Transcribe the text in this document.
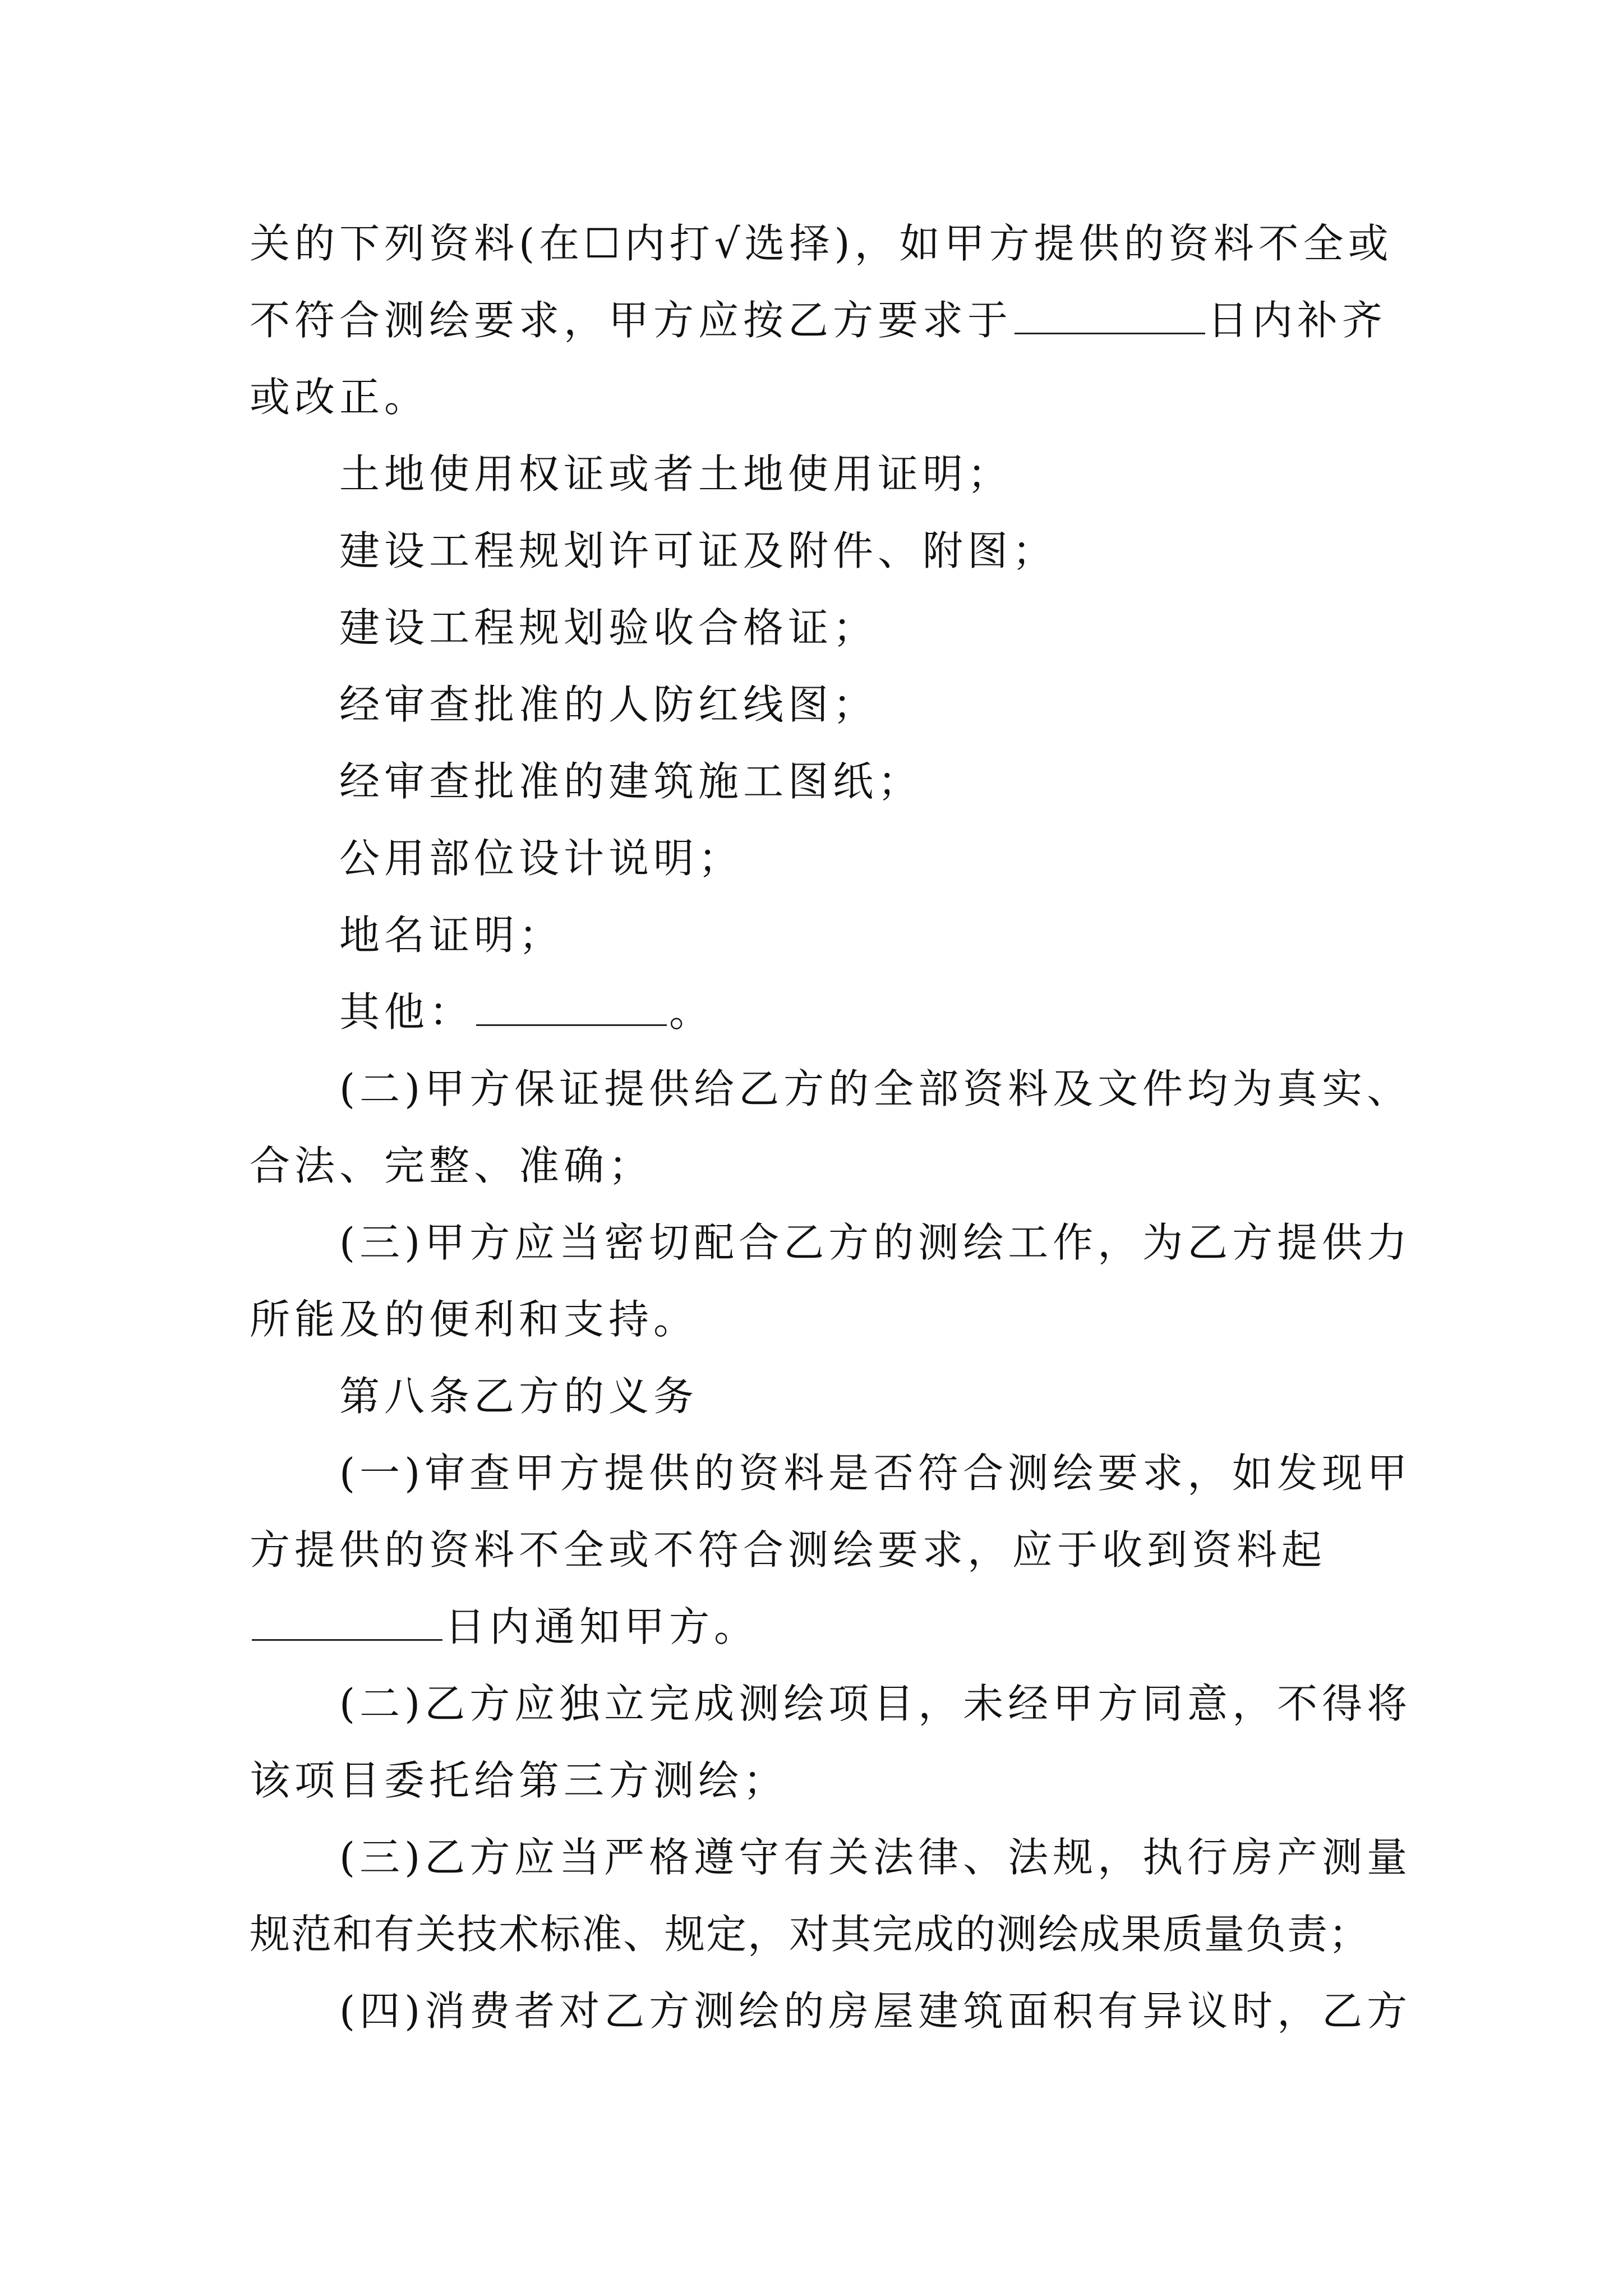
关的下列资料(在☐内打√选择)，如甲方提供的资料不全或
不符合测绘要求，甲方应按乙方要求于	日内补齐
或改正。
土地使用权证或者土地使用证明；
建设工程规划许可证及附件、附图；
建设工程规划验收合格证；
经审查批准的人防红线图；
经审查批准的建筑施工图纸；
公用部位设计说明；
地名证明；
其他：	。
(二)甲方保证提供给乙方的全部资料及文件均为真实、
合法、完整、准确；
(三)甲方应当密切配合乙方的测绘工作，为乙方提供力
所能及的便利和支持。
第八条乙方的义务
(一)审查甲方提供的资料是否符合测绘要求，如发现甲
方提供的资料不全或不符合测绘要求，应于收到资料起
日内通知甲方。
(二)乙方应独立完成测绘项目，未经甲方同意，不得将
该项目委托给第三方测绘；
(三)乙方应当严格遵守有关法律、法规，执行房产测量
规范和有关技术标准、规定，对其完成的测绘成果质量负责；
(四)消费者对乙方测绘的房屋建筑面积有异议时，乙方
